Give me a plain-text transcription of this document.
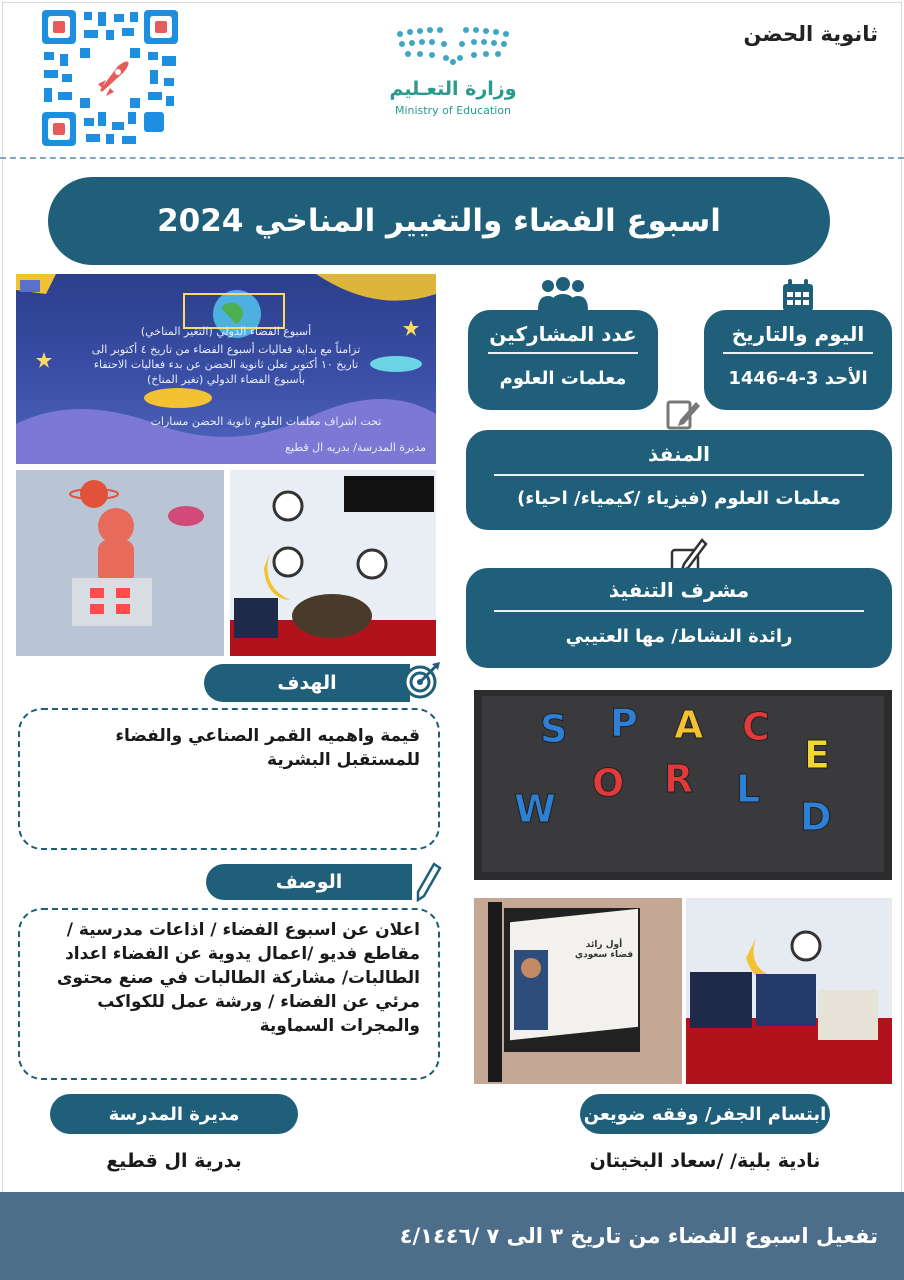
ثانوية الحضن
وزارة التعـليم
Ministry of Education
اسبوع الفضاء والتغيير المناخي 2024
اليوم والتاريخ
الأحد 3-4-1446
عدد المشاركين
معلمات العلوم
المنفذ
معلمات العلوم (فيزياء /كيمياء/ احياء)
مشرف التنفيذ
رائدة النشاط/ مها العتيبي
S P A C
E
W
O R L
D
أول رائد فضاء سعودي
أسبوع الفضاء الدولي (التغير المناخي)
تزامناً مع بداية فعاليات أسبوع الفضاء من تاريخ ٤ أكتوبر الى تاريخ ١٠ أكتوبر تعلن ثانوية الحضن عن بدء فعاليات الاحتفاء بأسبوع الفضاء الدولي (تغير المناخ)
تحت اشراف معلمات العلوم ثانوية الحضن مسارات
مديرة المدرسة/ بدريه ال قطيع
الهدف
قيمة واهميه القمر الصناعي والفضاء للمستقبل البشرية
الوصف
اعلان عن اسبوع الفضاء / اذاعات مدرسية / مقاطع فديو /اعمال يدوية عن الفضاء اعداد الطالبات/ مشاركة الطالبات في صنع محتوى مرئي عن الفضاء / ورشة عمل للكواكب والمجرات السماوية
مديرة المدرسة
بدرية ال قطيع
ابتسام الجفر/ وفقه ضويعن
نادية بلية/ /سعاد البخيتان
تفعيل اسبوع الفضاء من تاريخ ٣ الى ٧ /٤/١٤٤٦
